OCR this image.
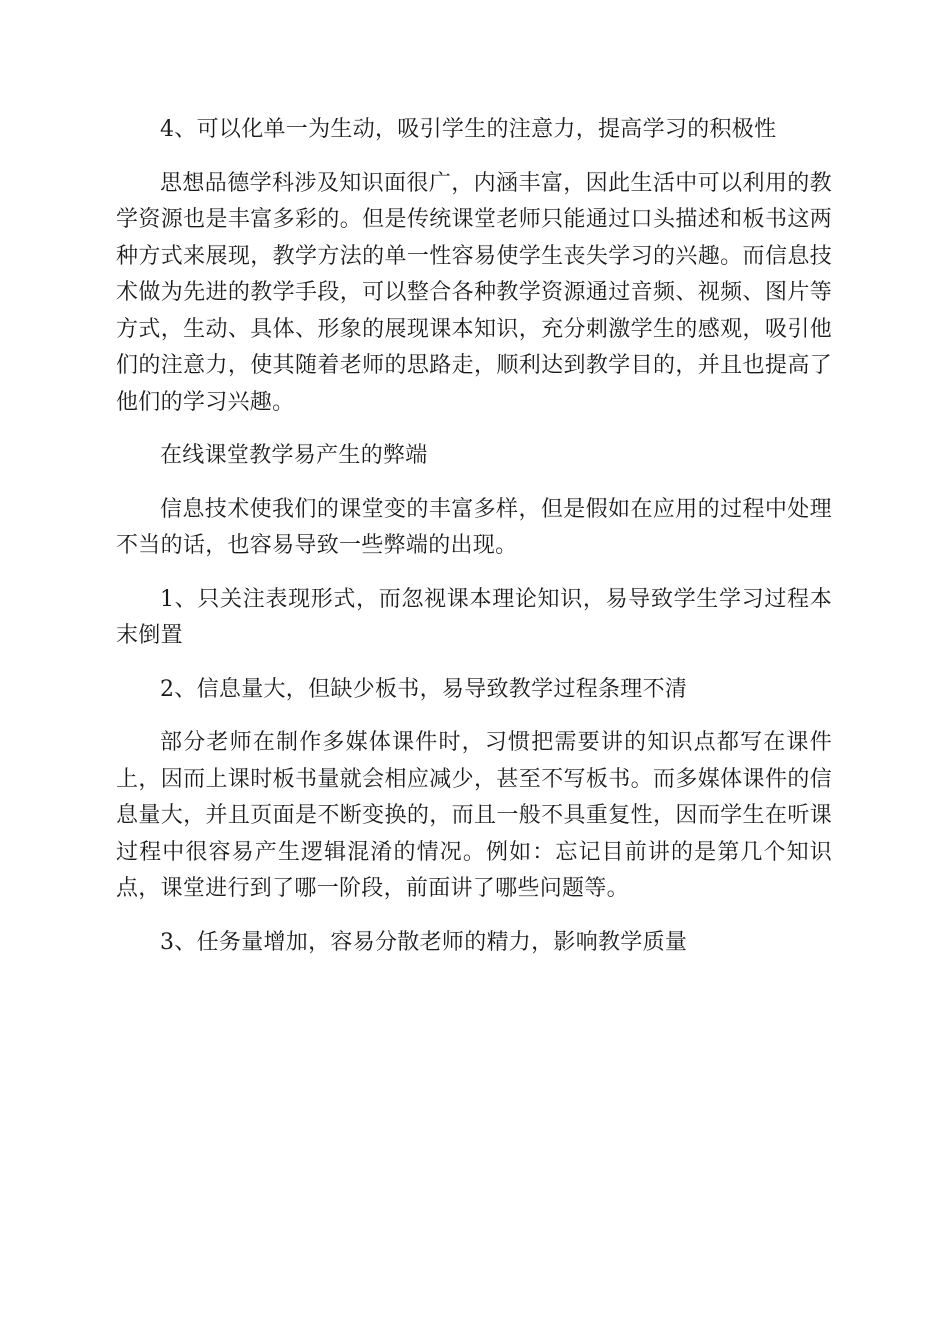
4、可以化单一为生动，吸引学生的注意力，提高学习的积极性

思想品德学科涉及知识面很广，内涵丰富，因此生活中可以利用的教学资源也是丰富多彩的。但是传统课堂老师只能通过口头描述和板书这两种方式来展现，教学方法的单一性容易使学生丧失学习的兴趣。而信息技术做为先进的教学手段，可以整合各种教学资源通过音频、视频、图片等方式，生动、具体、形象的展现课本知识，充分刺激学生的感观，吸引他们的注意力，使其随着老师的思路走，顺利达到教学目的，并且也提高了他们的学习兴趣。

在线课堂教学易产生的弊端

信息技术使我们的课堂变的丰富多样，但是假如在应用的过程中处理不当的话，也容易导致一些弊端的出现。

1、只关注表现形式，而忽视课本理论知识，易导致学生学习过程本末倒置

2、信息量大，但缺少板书，易导致教学过程条理不清

部分老师在制作多媒体课件时，习惯把需要讲的知识点都写在课件上，因而上课时板书量就会相应减少，甚至不写板书。而多媒体课件的信息量大，并且页面是不断变换的，而且一般不具重复性，因而学生在听课过程中很容易产生逻辑混淆的情况。例如：忘记目前讲的是第几个知识点，课堂进行到了哪一阶段，前面讲了哪些问题等。

3、任务量增加，容易分散老师的精力，影响教学质量
